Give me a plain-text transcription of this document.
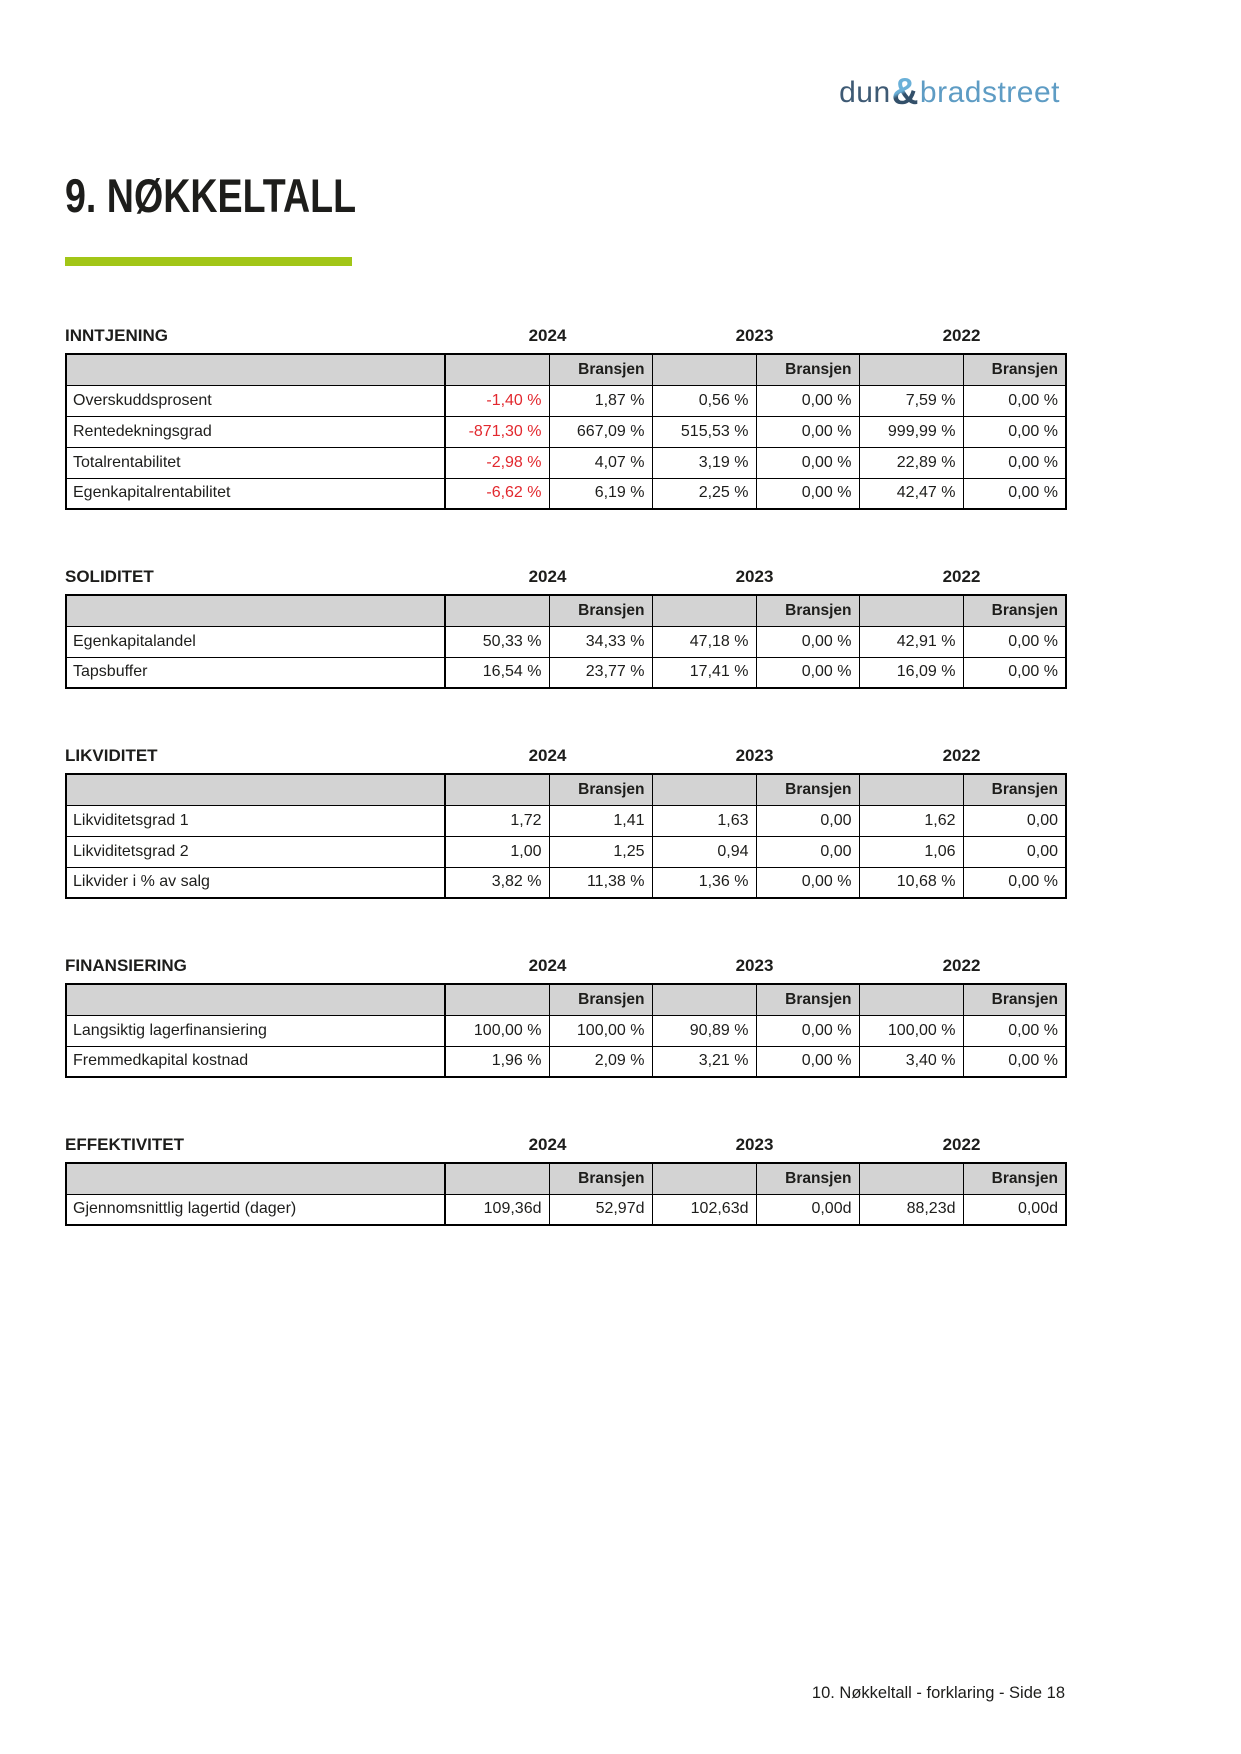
dun&bradstreet
9. NØKKELTALL
INNTJENING	2024	2023	2022
		Bransjen		Bransjen		Bransjen
Overskuddsprosent	-1,40 %	1,87 %	0,56 %	0,00 %	7,59 %	0,00 %
Rentedekningsgrad	-871,30 %	667,09 %	515,53 %	0,00 %	999,99 %	0,00 %
Totalrentabilitet	-2,98 %	4,07 %	3,19 %	0,00 %	22,89 %	0,00 %
Egenkapitalrentabilitet	-6,62 %	6,19 %	2,25 %	0,00 %	42,47 %	0,00 %
SOLIDITET	2024	2023	2022
		Bransjen		Bransjen		Bransjen
Egenkapitalandel	50,33 %	34,33 %	47,18 %	0,00 %	42,91 %	0,00 %
Tapsbuffer	16,54 %	23,77 %	17,41 %	0,00 %	16,09 %	0,00 %
LIKVIDITET	2024	2023	2022
		Bransjen		Bransjen		Bransjen
Likviditetsgrad 1	1,72	1,41	1,63	0,00	1,62	0,00
Likviditetsgrad 2	1,00	1,25	0,94	0,00	1,06	0,00
Likvider i % av salg	3,82 %	11,38 %	1,36 %	0,00 %	10,68 %	0,00 %
FINANSIERING	2024	2023	2022
		Bransjen		Bransjen		Bransjen
Langsiktig lagerfinansiering	100,00 %	100,00 %	90,89 %	0,00 %	100,00 %	0,00 %
Fremmedkapital kostnad	1,96 %	2,09 %	3,21 %	0,00 %	3,40 %	0,00 %
EFFEKTIVITET	2024	2023	2022
		Bransjen		Bransjen		Bransjen
Gjennomsnittlig lagertid (dager)	109,36d	52,97d	102,63d	0,00d	88,23d	0,00d
10. Nøkkeltall - forklaring - Side 18
